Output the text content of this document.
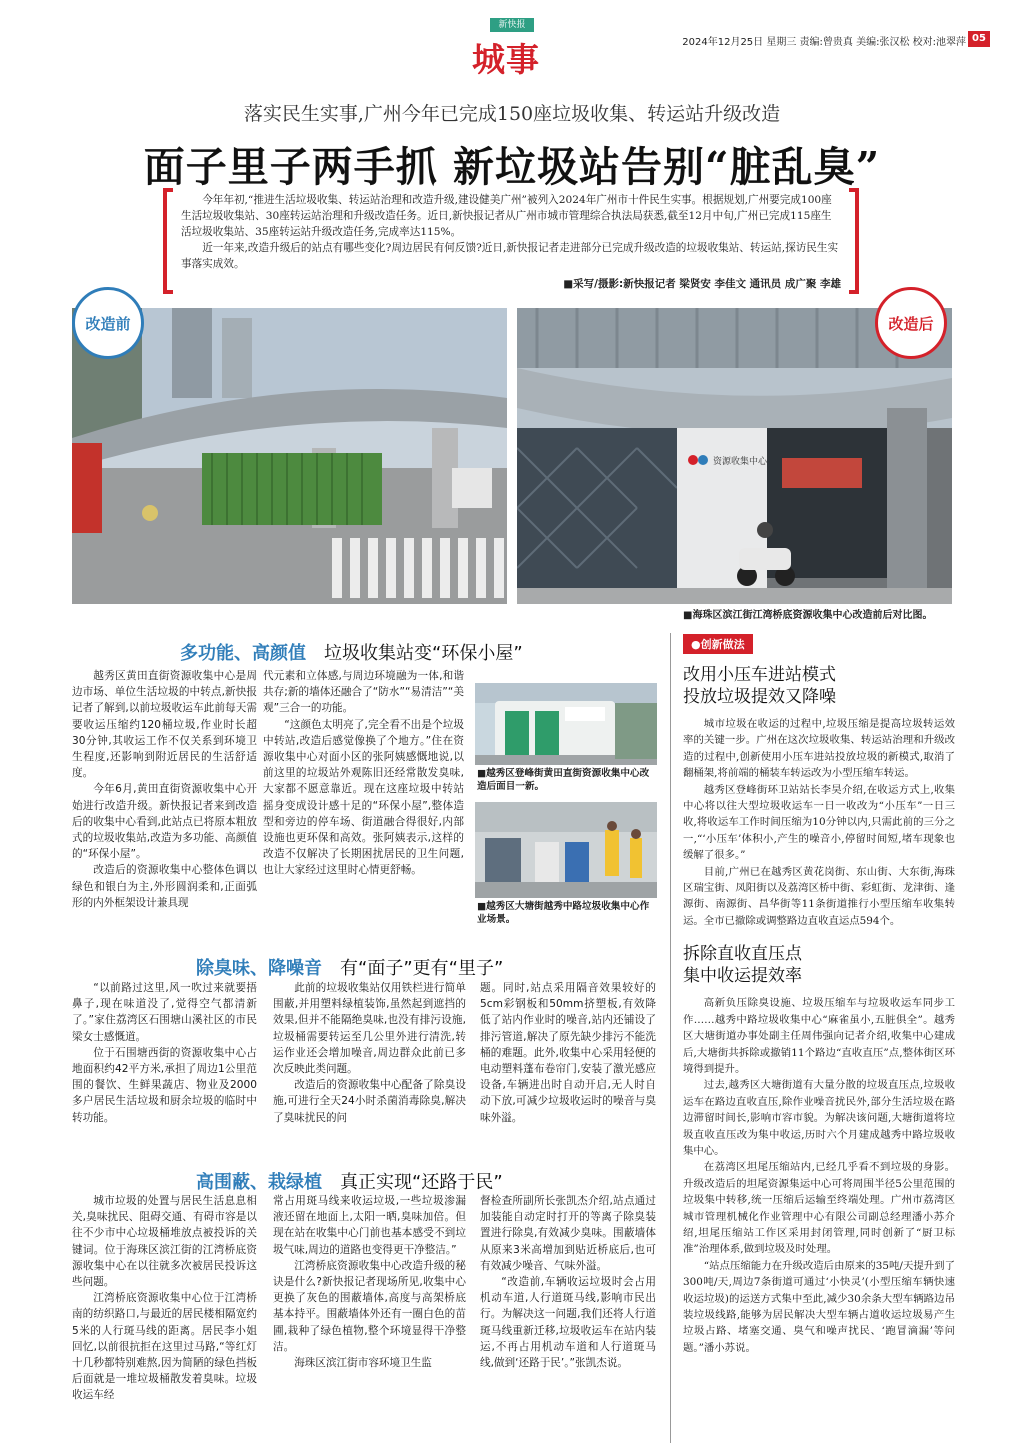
新快报
城事	2024年12月25日 星期三 责编:曾贵真 美编:张汉松 校对:池翠萍 05
落实民生实事,广州今年已完成150座垃圾收集、转运站升级改造
面子里子两手抓 新垃圾站告别“脏乱臭”

今年年初,“推进生活垃圾收集、转运站治理和改造升级,建设健美广州”被列入2024年广州市十件民生实事。根据规划,广州要完成100座生活垃圾收集站、30座转运站治理和升级改造任务。近日,新快报记者从广州市城市管理综合执法局获悉,截至12月中旬,广州已完成115座生活垃圾收集站、35座转运站升级改造任务,完成率达115%。

近一年来,改造升级后的站点有哪些变化?周边居民有何反馈?近日,新快报记者走进部分已完成升级改造的垃圾收集站、转运站,探访民生实事落实成效。

■采写/摄影:新快报记者 梁贤安 李佳文 通讯员 成广聚 李雄
改造前
资源收集中心
改造后
■海珠区滨江街江湾桥底资源收集中心改造前后对比图。
多功能、高颜值 垃圾收集站变“环保小屋”

越秀区黄田直街资源收集中心是周边市场、单位生活垃圾的中转点,新快报记者了解到,以前垃圾收运车此前每天需要收运压缩约120桶垃圾,作业时长超30分钟,其收运工作不仅关系到环境卫生程度,还影响到附近居民的生活舒适度。

今年6月,黄田直街资源收集中心开始进行改造升级。新快报记者来到改造后的收集中心看到,此站点已将原本粗放式的垃圾收集站,改造为多功能、高颜值的“环保小屋”。

改造后的资源收集中心整体色调以绿色和银白为主,外形圆润柔和,正面弧形的内外框架设计兼具现

代元素和立体感,与周边环境融为一体,和谐共存;新的墙体还融合了“防水”“易清洁”“美观”三合一的功能。

“这颜色太明亮了,完全看不出是个垃圾中转站,改造后感觉像换了个地方。”住在资源收集中心对面小区的张阿姨感慨地说,以前这里的垃圾站外观陈旧还经常散发臭味,大家都不愿意靠近。现在这座垃圾中转站摇身变成设计感十足的“环保小屋”,整体造型和旁边的停车场、街道融合得很好,内部设施也更环保和高效。张阿姨表示,这样的改造不仅解决了长期困扰居民的卫生问题,也让大家经过这里时心情更舒畅。

■越秀区登峰街黄田直街资源收集中心改造后面目一新。
■越秀区大塘街越秀中路垃圾收集中心作业场景。
除臭味、降噪音 有“面子”更有“里子”

“以前路过这里,风一吹过来就要捂鼻子,现在味道没了,觉得空气都清新了。”家住荔湾区石围塘山溪社区的市民梁女士感慨道。

位于石围塘西街的资源收集中心占地面积约42平方米,承担了周边1公里范围的餐饮、生鲜果蔬店、物业及2000多户居民生活垃圾和厨余垃圾的临时中转功能。

此前的垃圾收集站仅用铁栏进行简单围蔽,并用塑料绿植装饰,虽然起到遮挡的效果,但并不能隔绝臭味,也没有排污设施,垃圾桶需要转运至几公里外进行清洗,转运作业还会增加噪音,周边群众此前已多次反映此类问题。

改造后的资源收集中心配备了除臭设施,可进行全天24小时杀菌消毒除臭,解决了臭味扰民的问

题。同时,站点采用隔音效果较好的5cm彩钢板和50mm挤塑板,有效降低了站内作业时的噪音,站内还铺设了排污管道,解决了原先缺少排污不能洗桶的难题。此外,收集中心采用轻便的电动塑料蓬布卷帘门,安装了激光感应设备,车辆进出时自动开启,无人时自动下放,可减少垃圾收运时的噪音与臭味外溢。

高围蔽、栽绿植 真正实现“还路于民”

城市垃圾的处置与居民生活息息相关,臭味扰民、阻碍交通、有碍市容是以往不少市中心垃圾桶堆放点被投诉的关键词。位于海珠区滨江街的江湾桥底资源收集中心在以往就多次被居民投诉这些问题。

江湾桥底资源收集中心位于江湾桥南的纺织路口,与最近的居民楼相隔宽约5米的人行斑马线的距离。居民李小姐回忆,以前很抗拒在这里过马路,“等红灯十几秒都特别难熬,因为简陋的绿色挡板后面就是一堆垃圾桶散发着臭味。垃圾收运车经

常占用斑马线来收运垃圾,一些垃圾渗漏液还留在地面上,太阳一晒,臭味加倍。但现在站在收集中心门前也基本感受不到垃圾气味,周边的道路也变得更干净整洁。”

江湾桥底资源收集中心改造升级的秘诀是什么?新快报记者现场所见,收集中心更换了灰色的围蔽墙体,高度与高架桥底基本持平。围蔽墙体外还有一圈白色的苗圃,栽种了绿色植物,整个环境显得干净整洁。

海珠区滨江街市容环境卫生监

督检查所副所长张凯杰介绍,站点通过加装能自动定时打开的等离子除臭装置进行除臭,有效减少臭味。围蔽墙体从原来3米高增加到贴近桥底后,也可有效减少噪音、气味外溢。

“改造前,车辆收运垃圾时会占用机动车道,人行道斑马线,影响市民出行。为解决这一问题,我们还将人行道斑马线重新迁移,垃圾收运车在站内装运,不再占用机动车道和人行道斑马线,做到‘还路于民’。”张凯杰说。

●创新做法
改用小压车进站模式
投放垃圾提效又降噪

城市垃圾在收运的过程中,垃圾压缩是提高垃圾转运效率的关键一步。广州在这次垃圾收集、转运站治理和升级改造的过程中,创新使用小压车进站投放垃圾的新模式,取消了翻桶架,将前端的桶装车转运改为小型压缩车转运。

越秀区登峰街环卫站站长李昊介绍,在收运方式上,收集中心将以往大型垃圾收运车一日一收改为“小压车”一日三收,将收运车工作时间压缩为10分钟以内,只需此前的三分之一,“‘小压车’体积小,产生的噪音小,停留时间短,堵车现象也缓解了很多。”

目前,广州已在越秀区黄花岗街、东山街、大东街,海珠区瑞宝街、凤阳街以及荔湾区桥中街、彩虹街、龙津街、逢源街、南源街、昌华街等11条街道推行小型压缩车收集转运。全市已撤除或调整路边直收直运点594个。

拆除直收直压点
集中收运提效率

高新负压除臭设施、垃圾压缩车与垃圾收运车同步工作……越秀中路垃圾收集中心“麻雀虽小,五脏俱全”。越秀区大塘街道办事处副主任周伟强向记者介绍,收集中心建成后,大塘街共拆除或撤销11个路边“直收直压”点,整体街区环境得到提升。

过去,越秀区大塘街道有大量分散的垃圾直压点,垃圾收运车在路边直收直压,除作业噪音扰民外,部分生活垃圾在路边滞留时间长,影响市容市貌。为解决该问题,大塘街道将垃圾直收直压改为集中收运,历时六个月建成越秀中路垃圾收集中心。

在荔湾区坦尾压缩站内,已经几乎看不到垃圾的身影。升级改造后的坦尾资源集运中心可将周围半径5公里范围的垃圾集中转移,统一压缩后运输至终端处理。广州市荔湾区城市管理机械化作业管理中心有限公司副总经理潘小苏介绍,坦尾压缩站工作区采用封闭管理,同时创新了“厨卫标准”治理体系,做到垃圾及时处理。

“站点压缩能力在升级改造后由原来的35吨/天提升到了300吨/天,周边7条街道可通过‘小快灵’(小型压缩车辆快速收运垃圾)的运送方式集中至此,减少30余条大型车辆路边吊装垃圾线路,能够为居民解决大型车辆占道收运垃圾易产生垃圾占路、堵塞交通、臭气和噪声扰民、‘跑冒滴漏’等问题。”潘小苏说。
